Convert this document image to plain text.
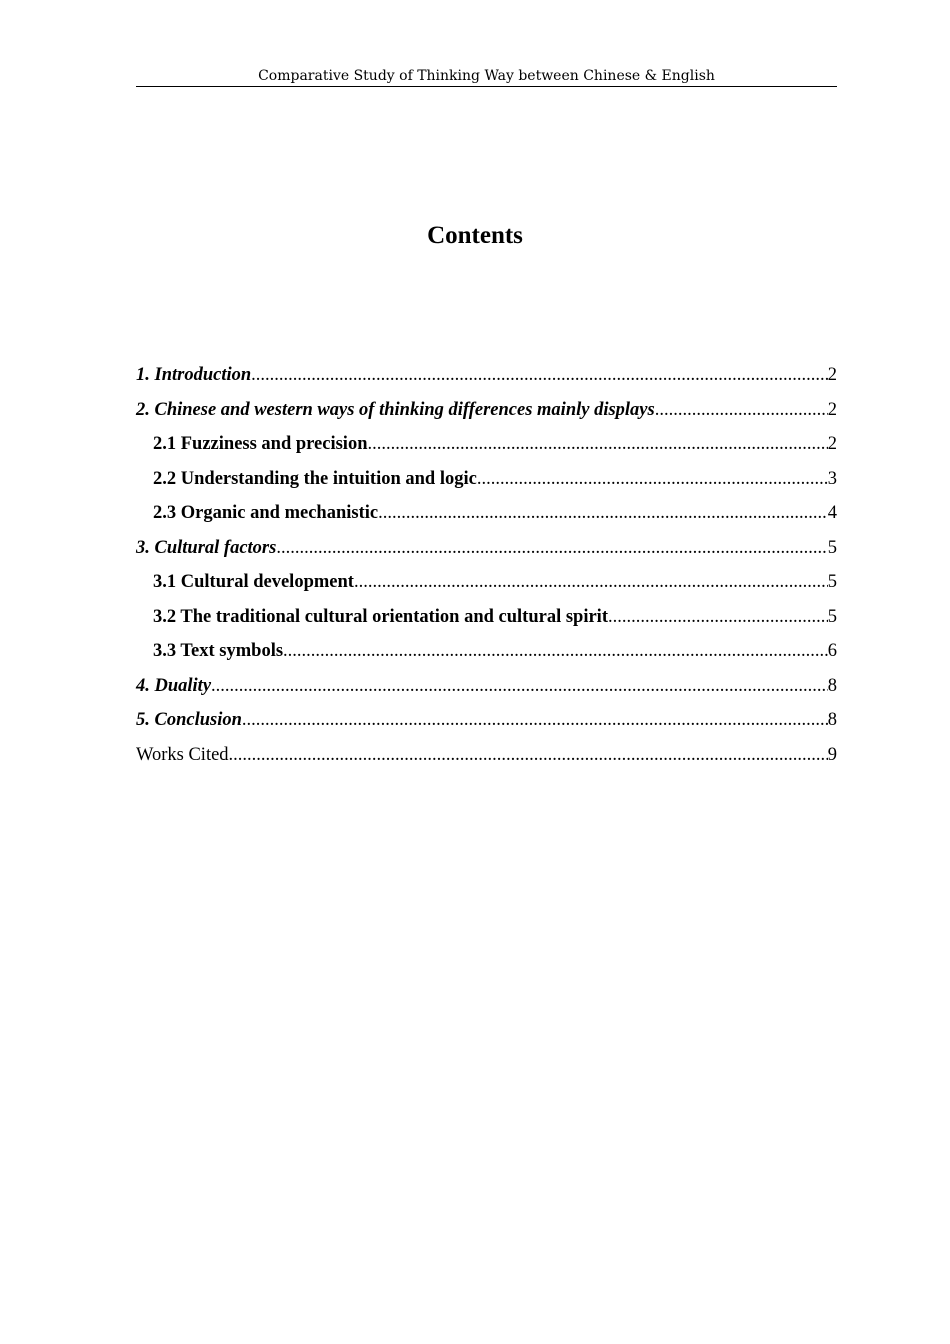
Comparative Study of Thinking Way between Chinese & English
Contents
1. Introduction .....	2
2. Chinese and western ways of thinking differences mainly displays .....	2
2.1 Fuzziness and precision .....	2
2.2 Understanding the intuition and logic .....	3
2.3 Organic and mechanistic .....	4
3. Cultural factors .....	5
3.1 Cultural development .....	5
3.2 The traditional cultural orientation and cultural spirit .....	5
3.3 Text symbols .....	6
4. Duality .....	8
5. Conclusion .....	8
Works Cited .....	9
